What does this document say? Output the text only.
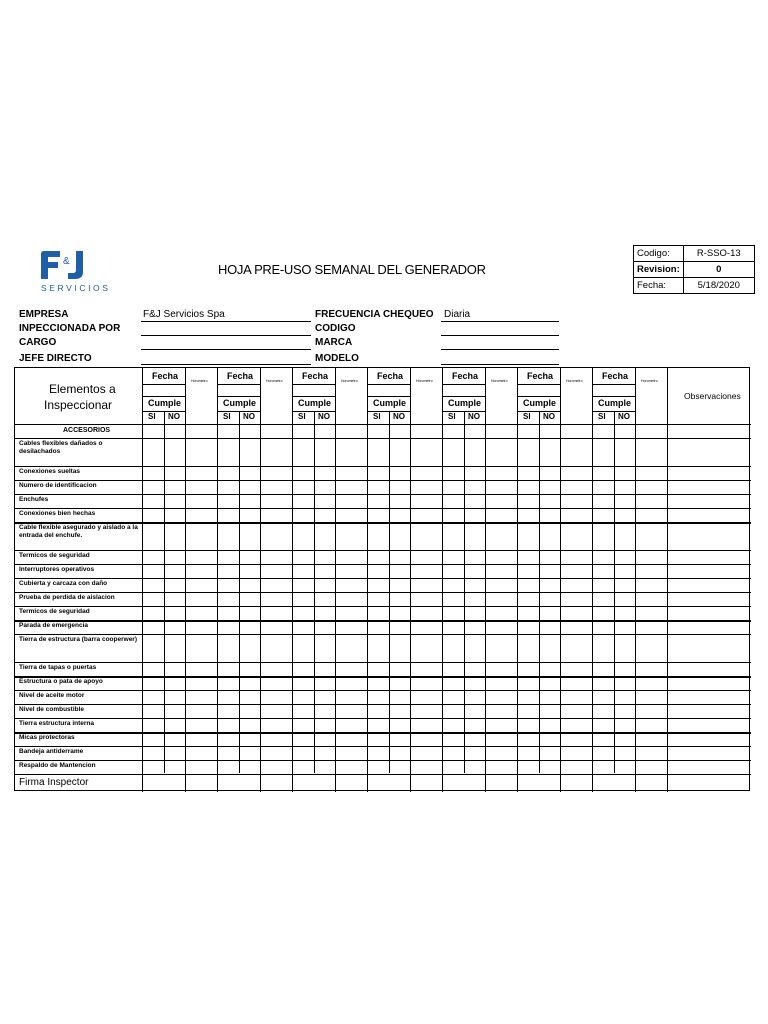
&
SERVICIOS
HOJA PRE-USO SEMANAL DEL GENERADOR
Codigo:	R-SSO-13
Revision:	0
Fecha:	5/18/2020
EMPRESA	F&J Servicios Spa
INPECCIONADA POR
CARGO
JEFE DIRECTO
FRECUENCIA CHEQUEO Diaria
CODIGO
MARCA
MODELO
Elementos a
Inspeccionar
ACCESORIOS
Observaciones
Firma Inspector
Fecha	Horometro
Cumple
SI NO
Fecha	Horometro
Cumple
SI NO
Fecha	Horometro
Cumple
SI NO
Fecha	Horometro
Cumple
SI NO
Fecha	Horometro
Cumple
SI NO
Fecha	Horometro
Cumple
SI NO
Fecha	Horometro
Cumple
SI NO
Cables flexibles dañados o desilachados
Conexiones sueltas
Numero de identificacion
Enchufes
Conexiones bien hechas
Cable flexible asegurado y aislado a la entrada del enchufe.
Termicos de seguridad
Interruptores operativos
Cubierta y carcaza con daño
Prueba de perdida de aislacion
Termicos de seguridad
Parada de emergencia
Tierra de estructura (barra cooperwer)
Tierra de tapas o puertas
Estructura o pata de apoyo
Nivel de aceite motor
Nivel de combustible
Tierra estructura interna
Micas protectoras
Bandeja antiderrame
Respaldo de Mantencion
